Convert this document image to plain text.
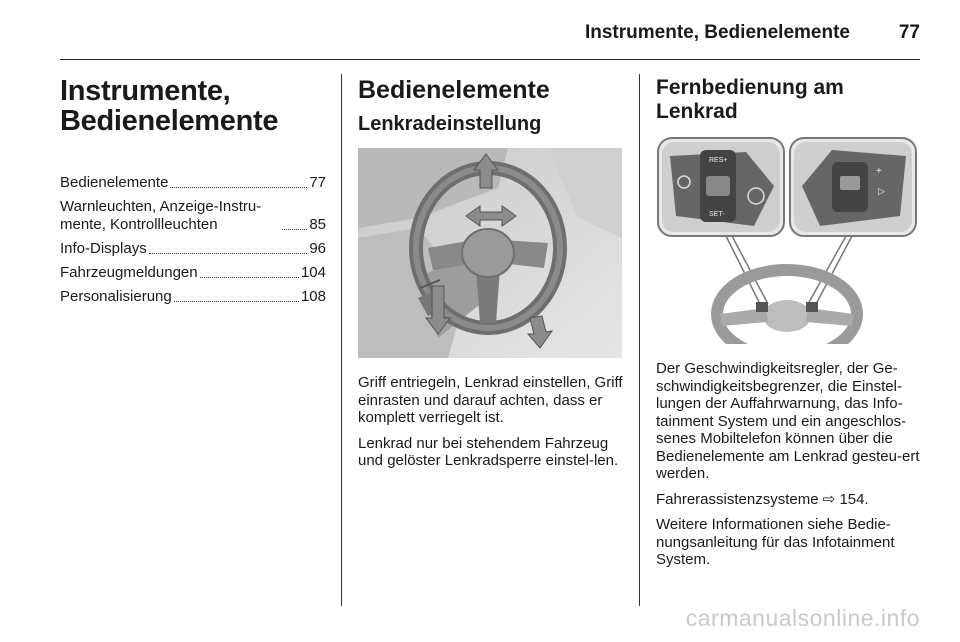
Instrumente, Bedienelemente	77
Instrumente,
Bedienelemente
Bedienelemente	77
Warnleuchten, Anzeige-Instru-mente, Kontrollleuchten	85
Info-Displays	96
Fahrzeugmeldungen	104
Personalisierung	108
Bedienelemente
Lenkradeinstellung

Griff entriegeln, Lenkrad einstellen, Griff einrasten und darauf achten, dass er komplett verriegelt ist.

Lenkrad nur bei stehendem Fahrzeug und gelöster Lenkradsperre einstel-len.

Fernbedienung am
Lenkrad
RES+
SET-
+
▷

Der Geschwindigkeitsregler, der Ge-schwindigkeitsbegrenzer, die Einstel-lungen der Auffahrwarnung, das Info-tainment System und ein angeschlos-senes Mobiltelefon können über die Bedienelemente am Lenkrad gesteu-ert werden.

Fahrerassistenzsysteme ⇨ 154.

Weitere Informationen siehe Bedie-nungsanleitung für das Infotainment System.

carmanualsonline.info
